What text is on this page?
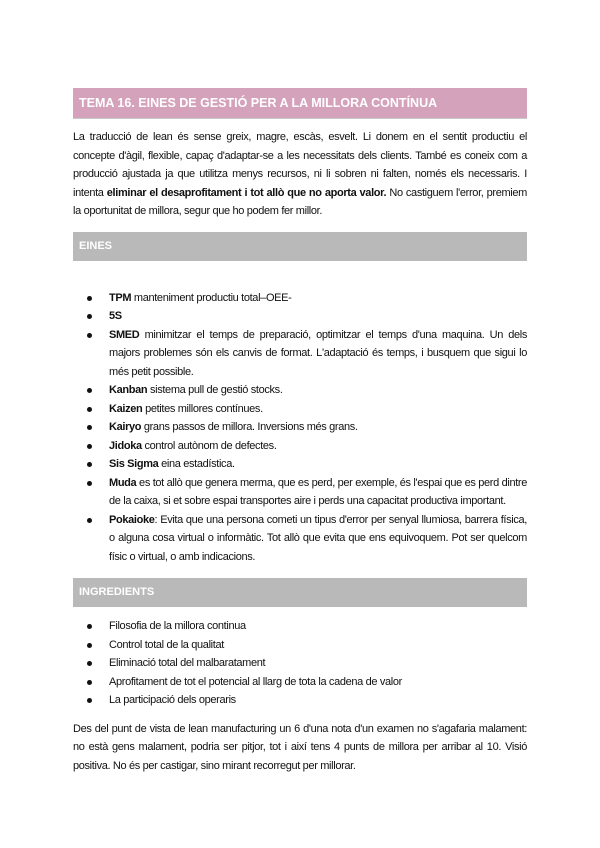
TEMA 16. EINES DE GESTIÓ PER A LA MILLORA CONTÍNUA

La traducció de lean és sense greix, magre, escàs, esvelt. Li donem en el sentit productiu el concepte d'àgil, flexible, capaç d'adaptar-se a les necessitats dels clients. També es coneix com a producció ajustada ja que utilitza menys recursos, ni li sobren ni falten, només els necessaris. I intenta eliminar el desaprofitament i tot allò que no aporta valor. No castiguem l'error, premiem la oportunitat de millora, segur que ho podem fer millor.

EINES
TPM manteniment productiu total–OEE-
5S
SMED minimitzar el temps de preparació, optimitzar el temps d'una maquina. Un dels majors problemes són els canvis de format. L'adaptació és temps, i busquem que sigui lo més petit possible.
Kanban sistema pull de gestió stocks.
Kaizen petites millores contínues.
Kairyo grans passos de millora. Inversions més grans.
Jidoka control autònom de defectes.
Sis Sigma eina estadística.
Muda es tot allò que genera merma, que es perd, per exemple, és l'espai que es perd dintre de la caixa, si et sobre espai transportes aire i perds una capacitat productiva important.
Pokaioke: Evita que una persona cometi un tipus d'error per senyal llumiosa, barrera física, o alguna cosa virtual o informàtic. Tot allò que evita que ens equivoquem. Pot ser quelcom físic o virtual, o amb indicacions.
INGREDIENTS
Filosofia de la millora continua
Control total de la qualitat
Eliminació total del malbaratament
Aprofitament de tot el potencial al llarg de tota la cadena de valor
La participació dels operaris

Des del punt de vista de lean manufacturing un 6 d'una nota d'un examen no s'agafaria malament: no està gens malament, podria ser pitjor, tot i així tens 4 punts de millora per arribar al 10. Visió positiva. No és per castigar, sino mirant recorregut per millorar.
